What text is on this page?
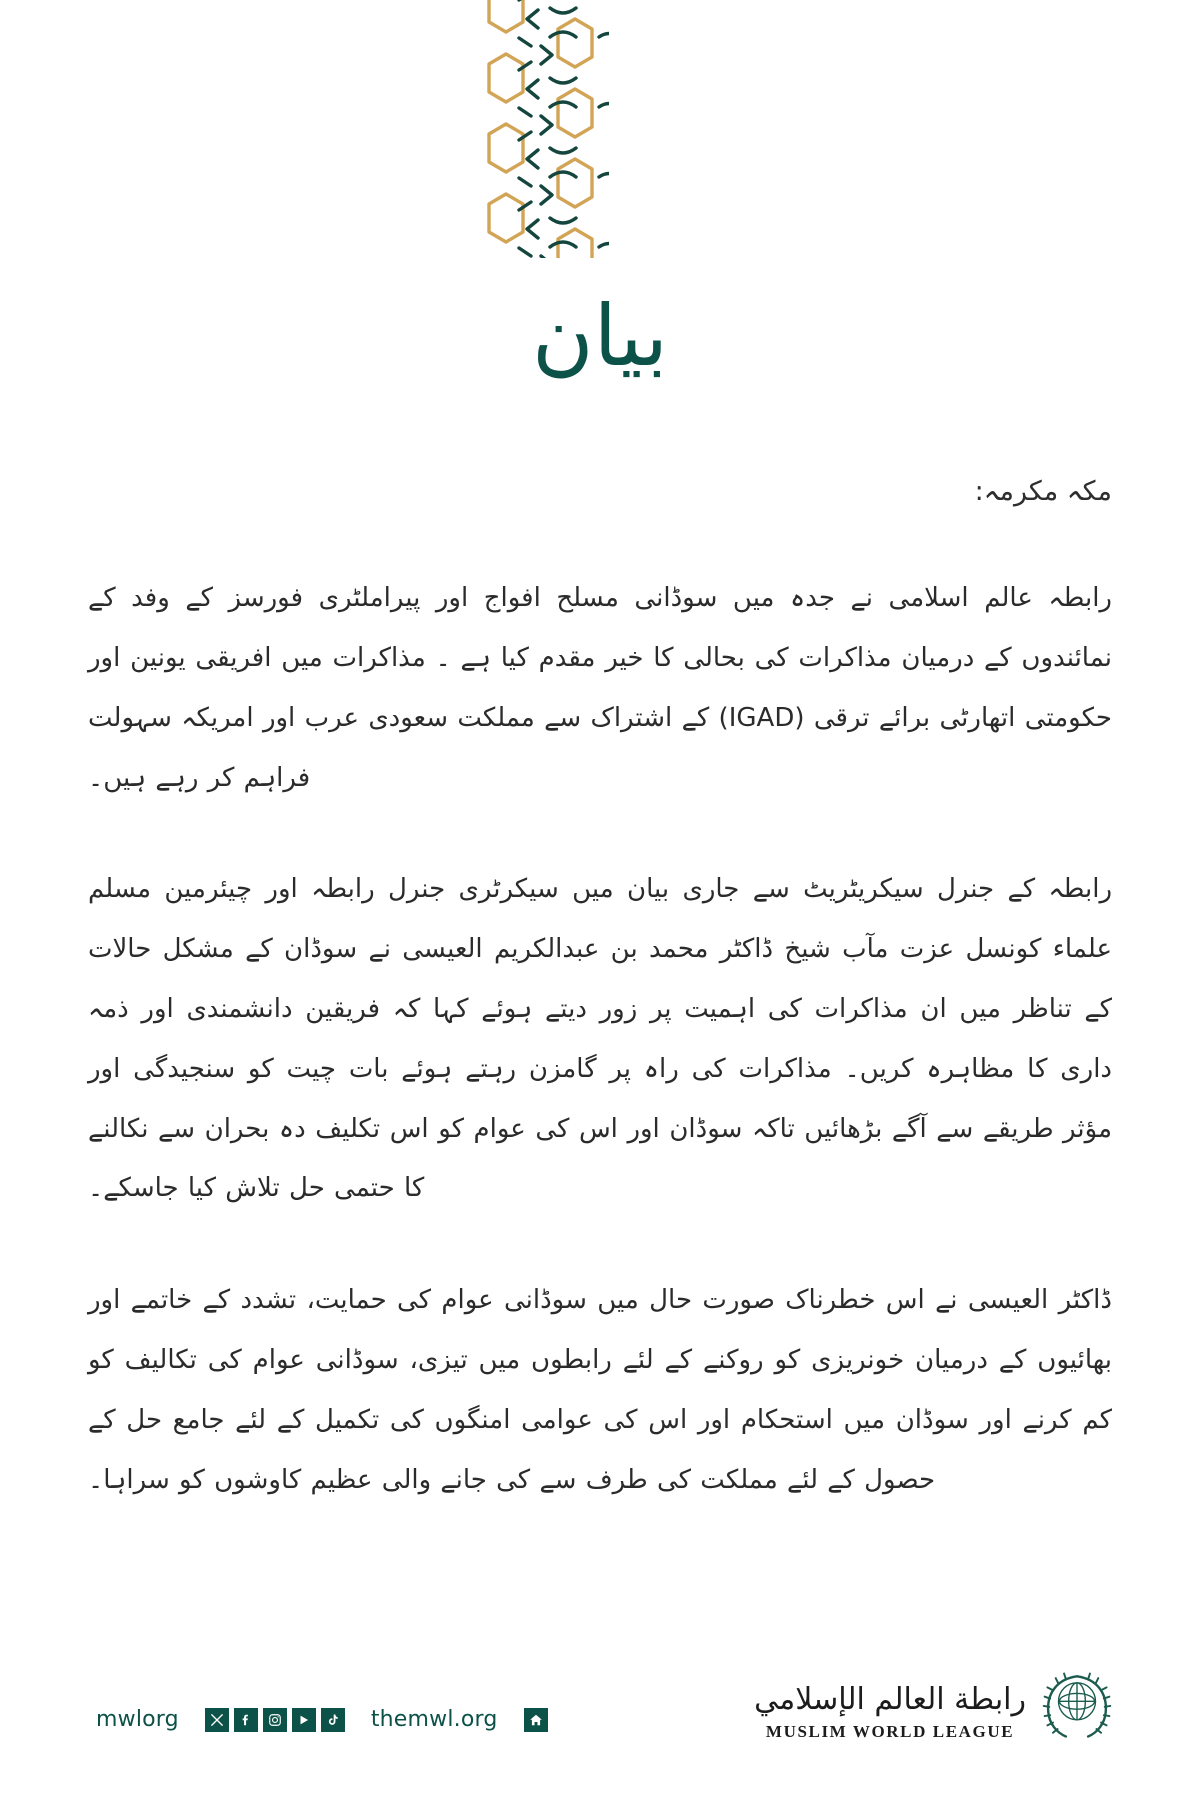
بيان
مکہ مکرمہ:

رابطہ عالم اسلامی نے جدہ میں سوڈانی مسلح افواج اور پیراملٹری فورسز کے وفد کے نمائندوں کے درمیان مذاکرات کی بحالی کا خیر مقدم کیا ہے ۔ مذاکرات میں افریقی یونین اور حکومتی اتھارٹی برائے ترقی (IGAD) کے اشتراک سے مملکت سعودی عرب اور امریکہ سہولت فراہم کر رہے ہیں۔

رابطہ کے جنرل سیکریٹریٹ سے جاری بیان میں سیکرٹری جنرل رابطہ اور چیئرمین مسلم علماء کونسل عزت مآب شیخ ڈاکٹر محمد بن عبدالکریم العیسی نے سوڈان کے مشکل حالات کے تناظر میں ان مذاکرات کی اہمیت پر زور دیتے ہوئے کہا کہ فریقین دانشمندی اور ذمہ داری کا مظاہرہ کریں۔ مذاکرات کی راہ پر گامزن رہتے ہوئے بات چیت کو سنجیدگی اور مؤثر طریقے سے آگے بڑھائیں تاکہ سوڈان اور اس کی عوام کو اس تکلیف دہ بحران سے نکالنے کا حتمی حل تلاش کیا جاسکے۔

ڈاکٹر العیسی نے اس خطرناک صورت حال میں سوڈانی عوام کی حمایت، تشدد کے خاتمے اور بھائیوں کے درمیان خونریزی کو روکنے کے لئے رابطوں میں تیزی، سوڈانی عوام کی تکالیف کو کم کرنے اور سوڈان میں استحکام اور اس کی عوامی امنگوں کی تکمیل کے لئے جامع حل کے حصول کے لئے مملکت کی طرف سے کی جانے والی عظیم کاوشوں کو سراہا۔

mwlorg	themwl.org
رابطة العالم الإسلامي
MUSLIM WORLD LEAGUE
